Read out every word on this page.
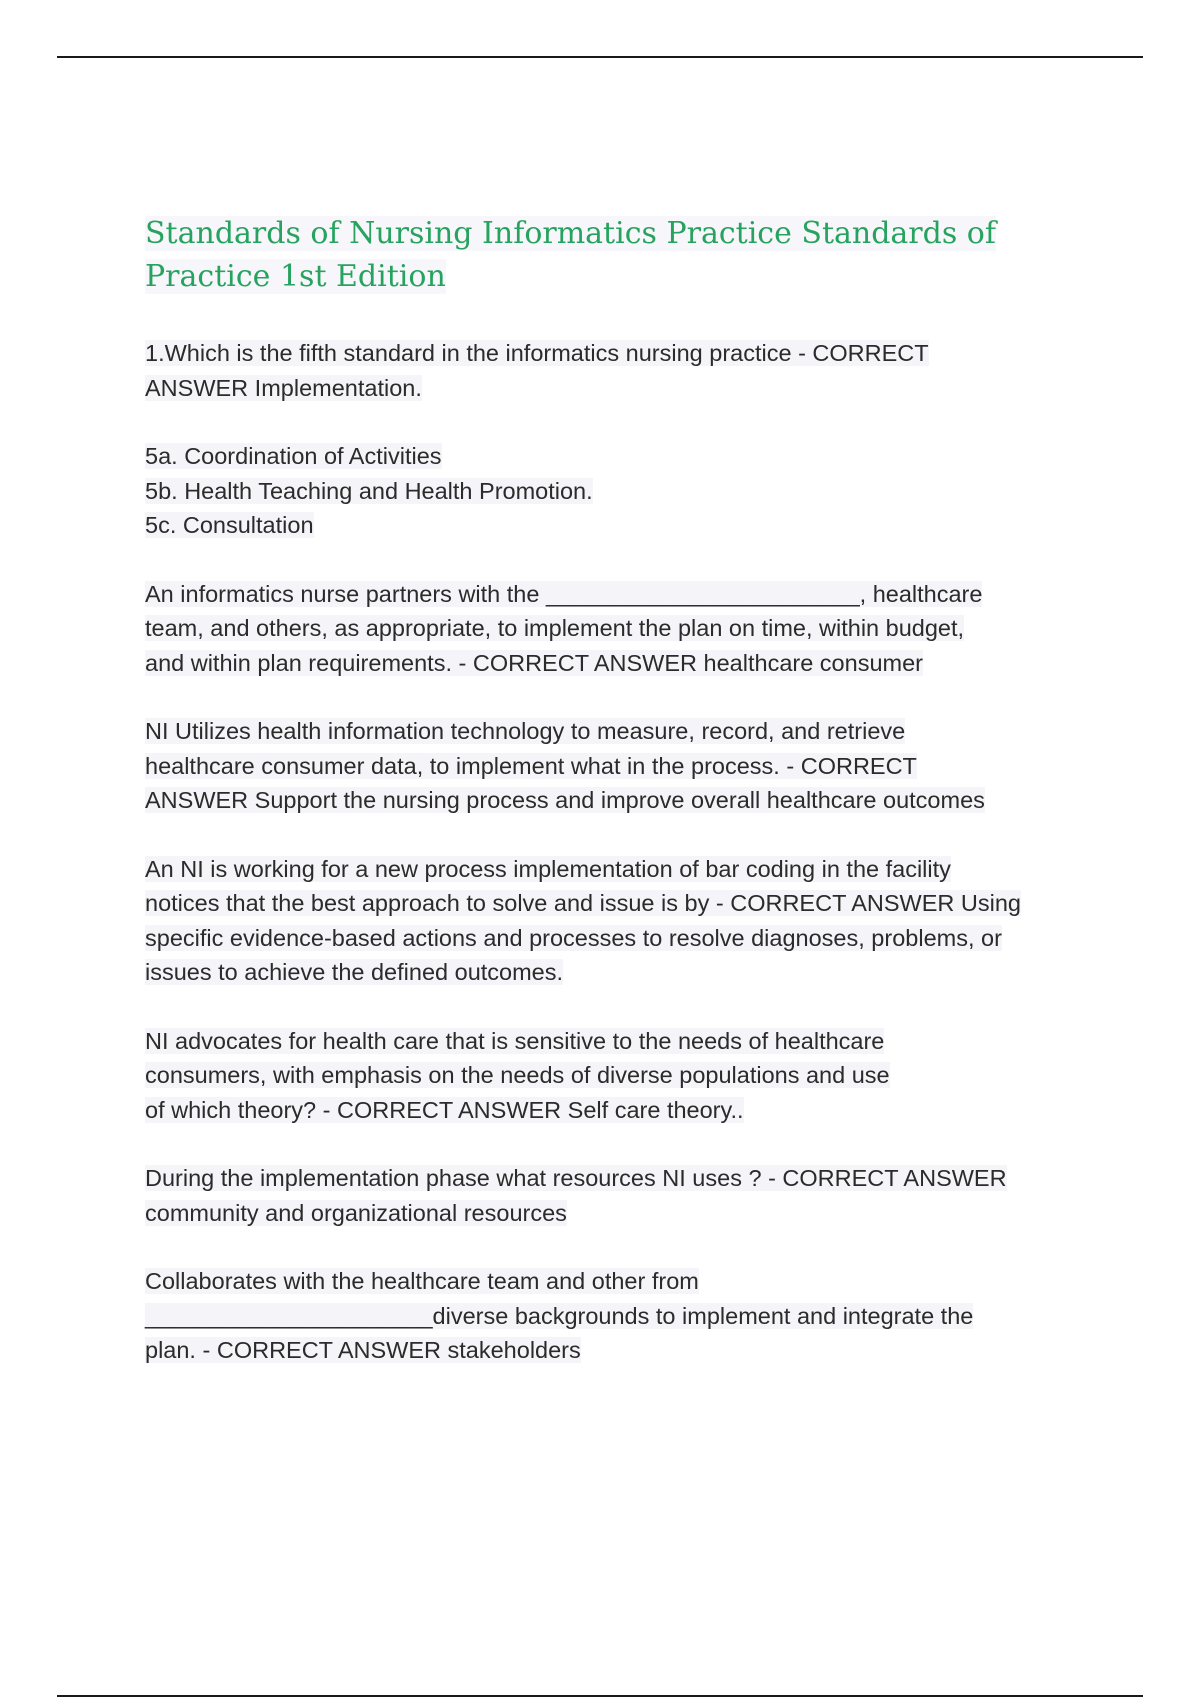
Standards of Nursing Informatics Practice Standards of Practice 1st Edition

1.Which is the fifth standard in the informatics nursing practice - CORRECT

ANSWER Implementation.

5a. Coordination of Activities

5b. Health Teaching and Health Promotion.

5c. Consultation

An informatics nurse partners with the ________________________, healthcare

team, and others, as appropriate, to implement the plan on time, within budget,

and within plan requirements. - CORRECT ANSWER healthcare consumer

NI Utilizes health information technology to measure, record, and retrieve

healthcare consumer data, to implement what in the process. - CORRECT

ANSWER Support the nursing process and improve overall healthcare outcomes

An NI is working for a new process implementation of bar coding in the facility

notices that the best approach to solve and issue is by - CORRECT ANSWER Using

specific evidence-based actions and processes to resolve diagnoses, problems, or

issues to achieve the defined outcomes.

NI advocates for health care that is sensitive to the needs of healthcare

consumers, with emphasis on the needs of diverse populations and use

of which theory? - CORRECT ANSWER Self care theory..

During the implementation phase what resources NI uses ? - CORRECT ANSWER

community and organizational resources

Collaborates with the healthcare team and other from

______________________diverse backgrounds to implement and integrate the

plan. - CORRECT ANSWER stakeholders
